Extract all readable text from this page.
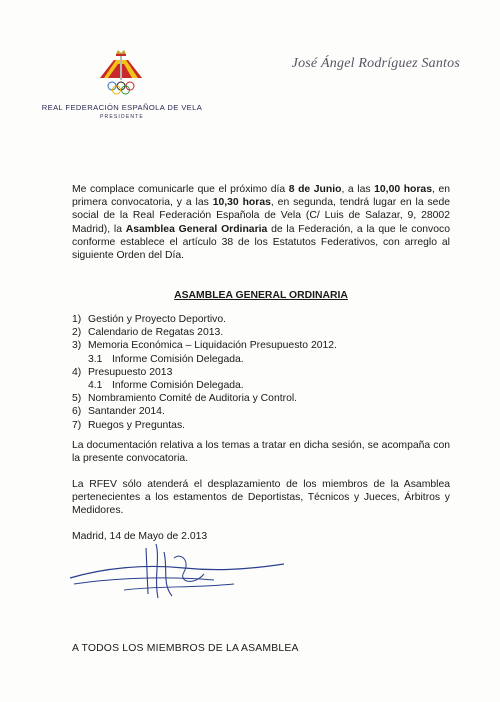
REAL FEDERACIÓN ESPAÑOLA DE VELA
PRESIDENTE
José Ángel Rodríguez Santos
Me complace comunicarle que el próximo día 8 de Junio, a las 10,00 horas, en primera convocatoria, y a las 10,30 horas, en segunda, tendrá lugar en la sede social de la Real Federación Española de Vela (C/ Luis de Salazar, 9, 28002 Madrid), la Asamblea General Ordinaria de la Federación, a la que le convoco conforme establece el artículo 38 de los Estatutos Federativos, con arreglo al siguiente Orden del Día.
ASAMBLEA GENERAL ORDINARIA
1) Gestión y Proyecto Deportivo.
2) Calendario de Regatas 2013.
3) Memoria Económica – Liquidación Presupuesto 2012.
3.1 Informe Comisión Delegada.
4) Presupuesto 2013
4.1 Informe Comisión Delegada.
5) Nombramiento Comité de Auditoria y Control.
6) Santander 2014.
7) Ruegos y Preguntas.
La documentación relativa a los temas a tratar en dicha sesión, se acompaña con la presente convocatoria.
La RFEV sólo atenderá el desplazamiento de los miembros de la Asamblea pertenecientes a los estamentos de Deportistas, Técnicos y Jueces, Árbitros y Medidores.
Madrid, 14 de Mayo de 2.013
A TODOS LOS MIEMBROS DE LA ASAMBLEA
